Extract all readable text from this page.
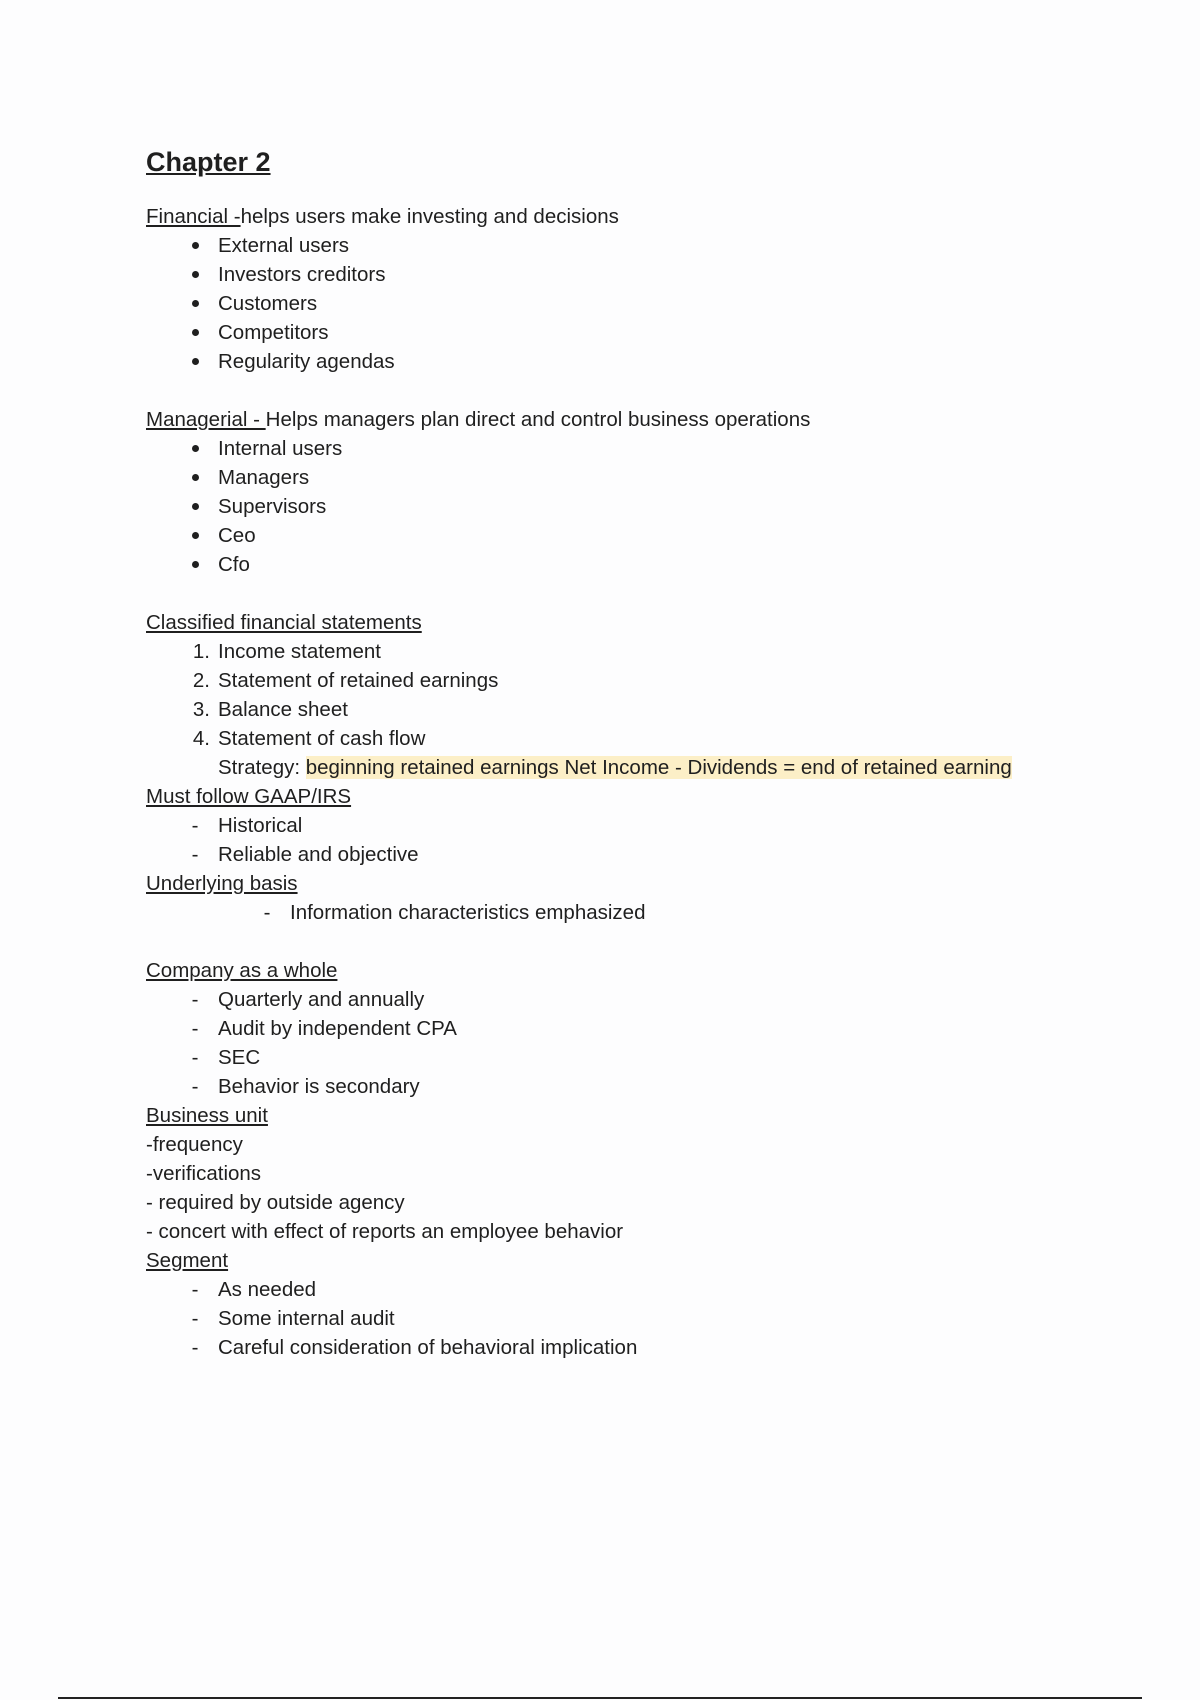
Chapter 2
Financial -helps users make investing and decisions
External users
Investors creditors
Customers
Competitors
Regularity agendas
Managerial - Helps managers plan direct and control business operations
Internal users
Managers
Supervisors
Ceo
Cfo
Classified financial statements
1. Income statement
2. Statement of retained earnings
3. Balance sheet
4. Statement of cash flow
Strategy: beginning retained earnings Net Income - Dividends = end of retained earning
Must follow GAAP/IRS
- Historical
- Reliable and objective
Underlying basis
- Information characteristics emphasized
Company as a whole
- Quarterly and annually
- Audit by independent CPA
- SEC
- Behavior is secondary
Business unit
-frequency
-verifications
- required by outside agency
- concert with effect of reports an employee behavior
Segment
- As needed
- Some internal audit
- Careful consideration of behavioral implication
